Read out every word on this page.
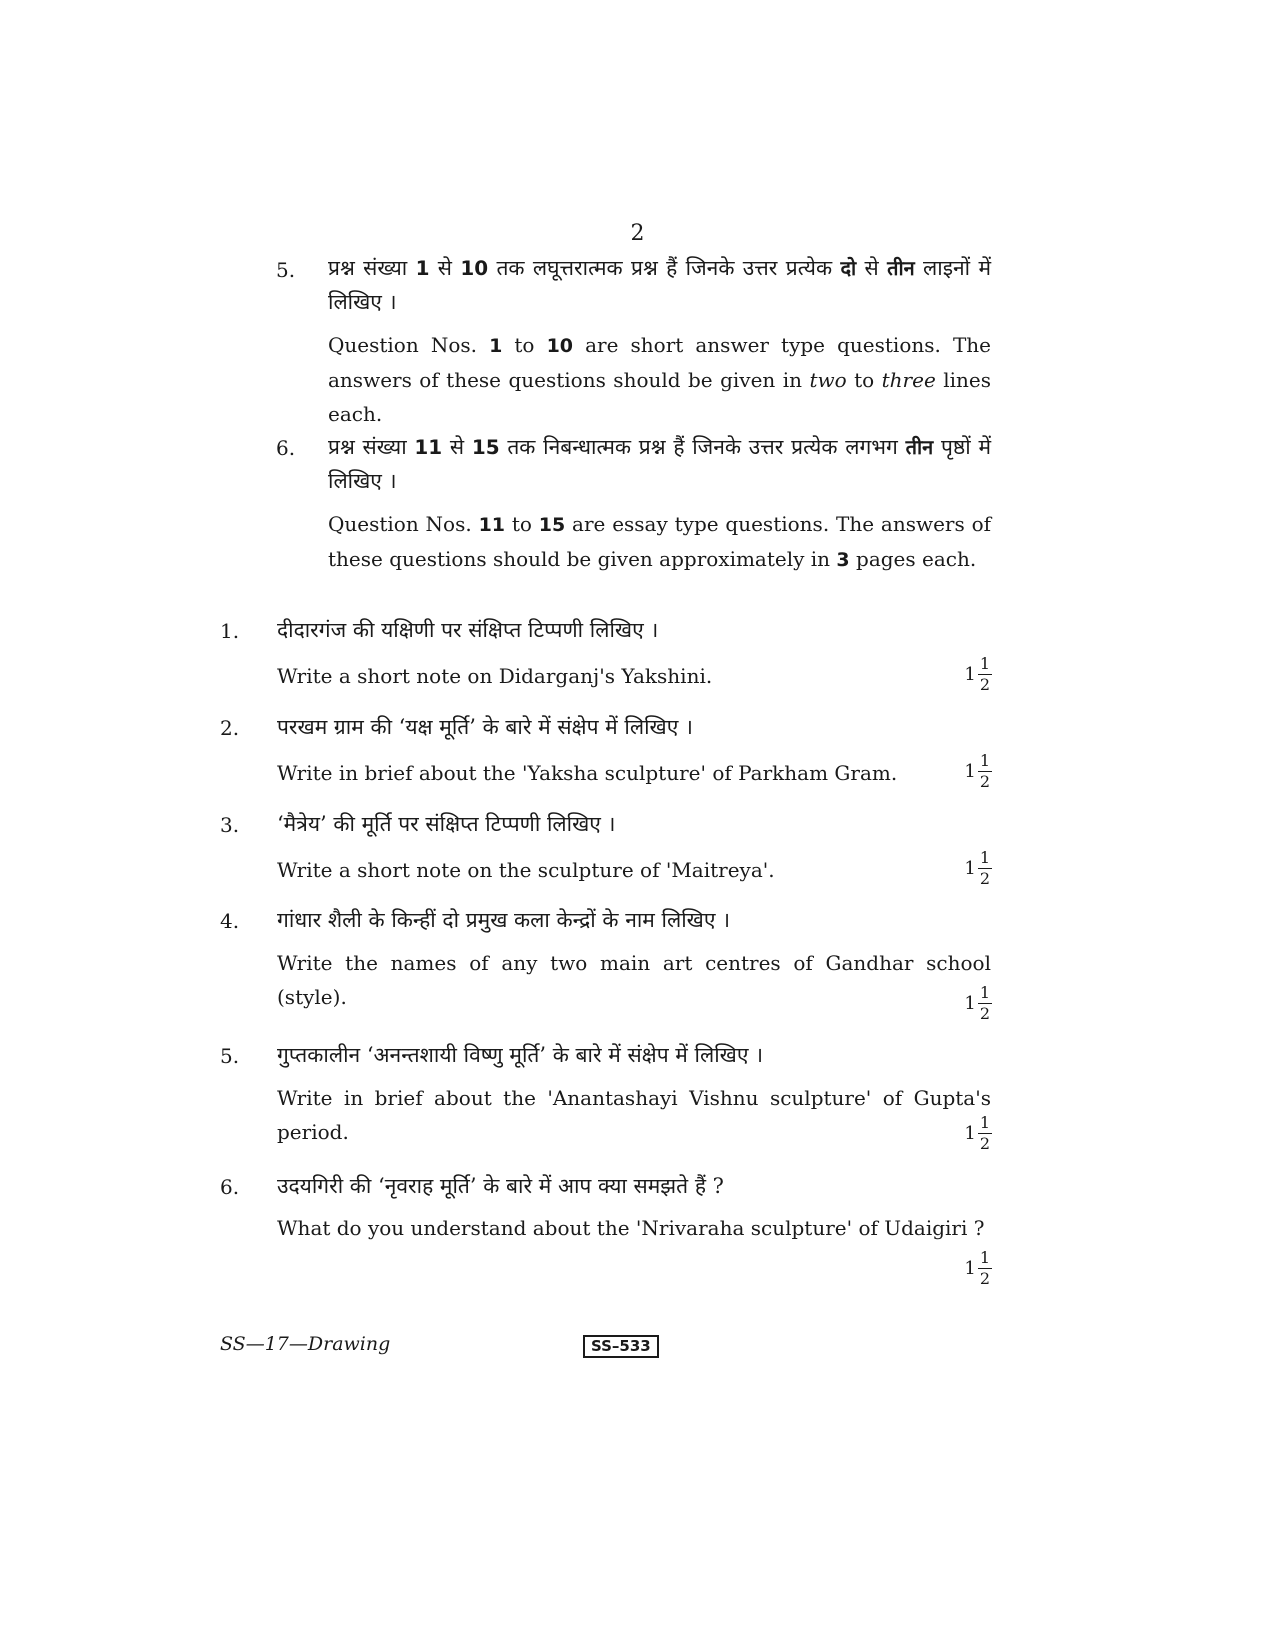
2
5. प्रश्न संख्या 1 से 10 तक लघूत्तरात्मक प्रश्न हैं जिनके उत्तर प्रत्येक दो से तीन लाइनों में लिखिए ।
Question Nos. 1 to 10 are short answer type questions. The answers of these questions should be given in two to three lines each.
6. प्रश्न संख्या 11 से 15 तक निबन्धात्मक प्रश्न हैं जिनके उत्तर प्रत्येक लगभग तीन पृष्ठों में लिखिए ।
Question Nos. 11 to 15 are essay type questions. The answers of these questions should be given approximately in 3 pages each.
1. दीदारगंज की यक्षिणी पर संक्षिप्त टिप्पणी लिखिए ।
Write a short note on Didarganj's Yakshini.	$1 \frac{1}{2}$
2. परखम ग्राम की ‘यक्ष मूर्ति’ के बारे में संक्षेप में लिखिए ।
Write in brief about the 'Yaksha sculpture' of Parkham Gram.	$1 \frac{1}{2}$
3. ‘मैत्रेय’ की मूर्ति पर संक्षिप्त टिप्पणी लिखिए ।
Write a short note on the sculpture of 'Maitreya'.	$1 \frac{1}{2}$
4. गांधार शैली के किन्हीं दो प्रमुख कला केन्द्रों के नाम लिखिए ।
Write the names of any two main art centres of Gandhar school (style).	$1 \frac{1}{2}$
5. गुप्तकालीन ‘अनन्तशायी विष्णु मूर्ति’ के बारे में संक्षेप में लिखिए ।
Write in brief about the 'Anantashayi Vishnu sculpture' of Gupta's period.	$1 \frac{1}{2}$
6. उदयगिरी की ‘नृवराह मूर्ति’ के बारे में आप क्या समझते हैं ?
What do you understand about the 'Nrivaraha sculpture' of Udaigiri ?
$1 \frac{1}{2}$
SS—17—Drawing	SS–533
